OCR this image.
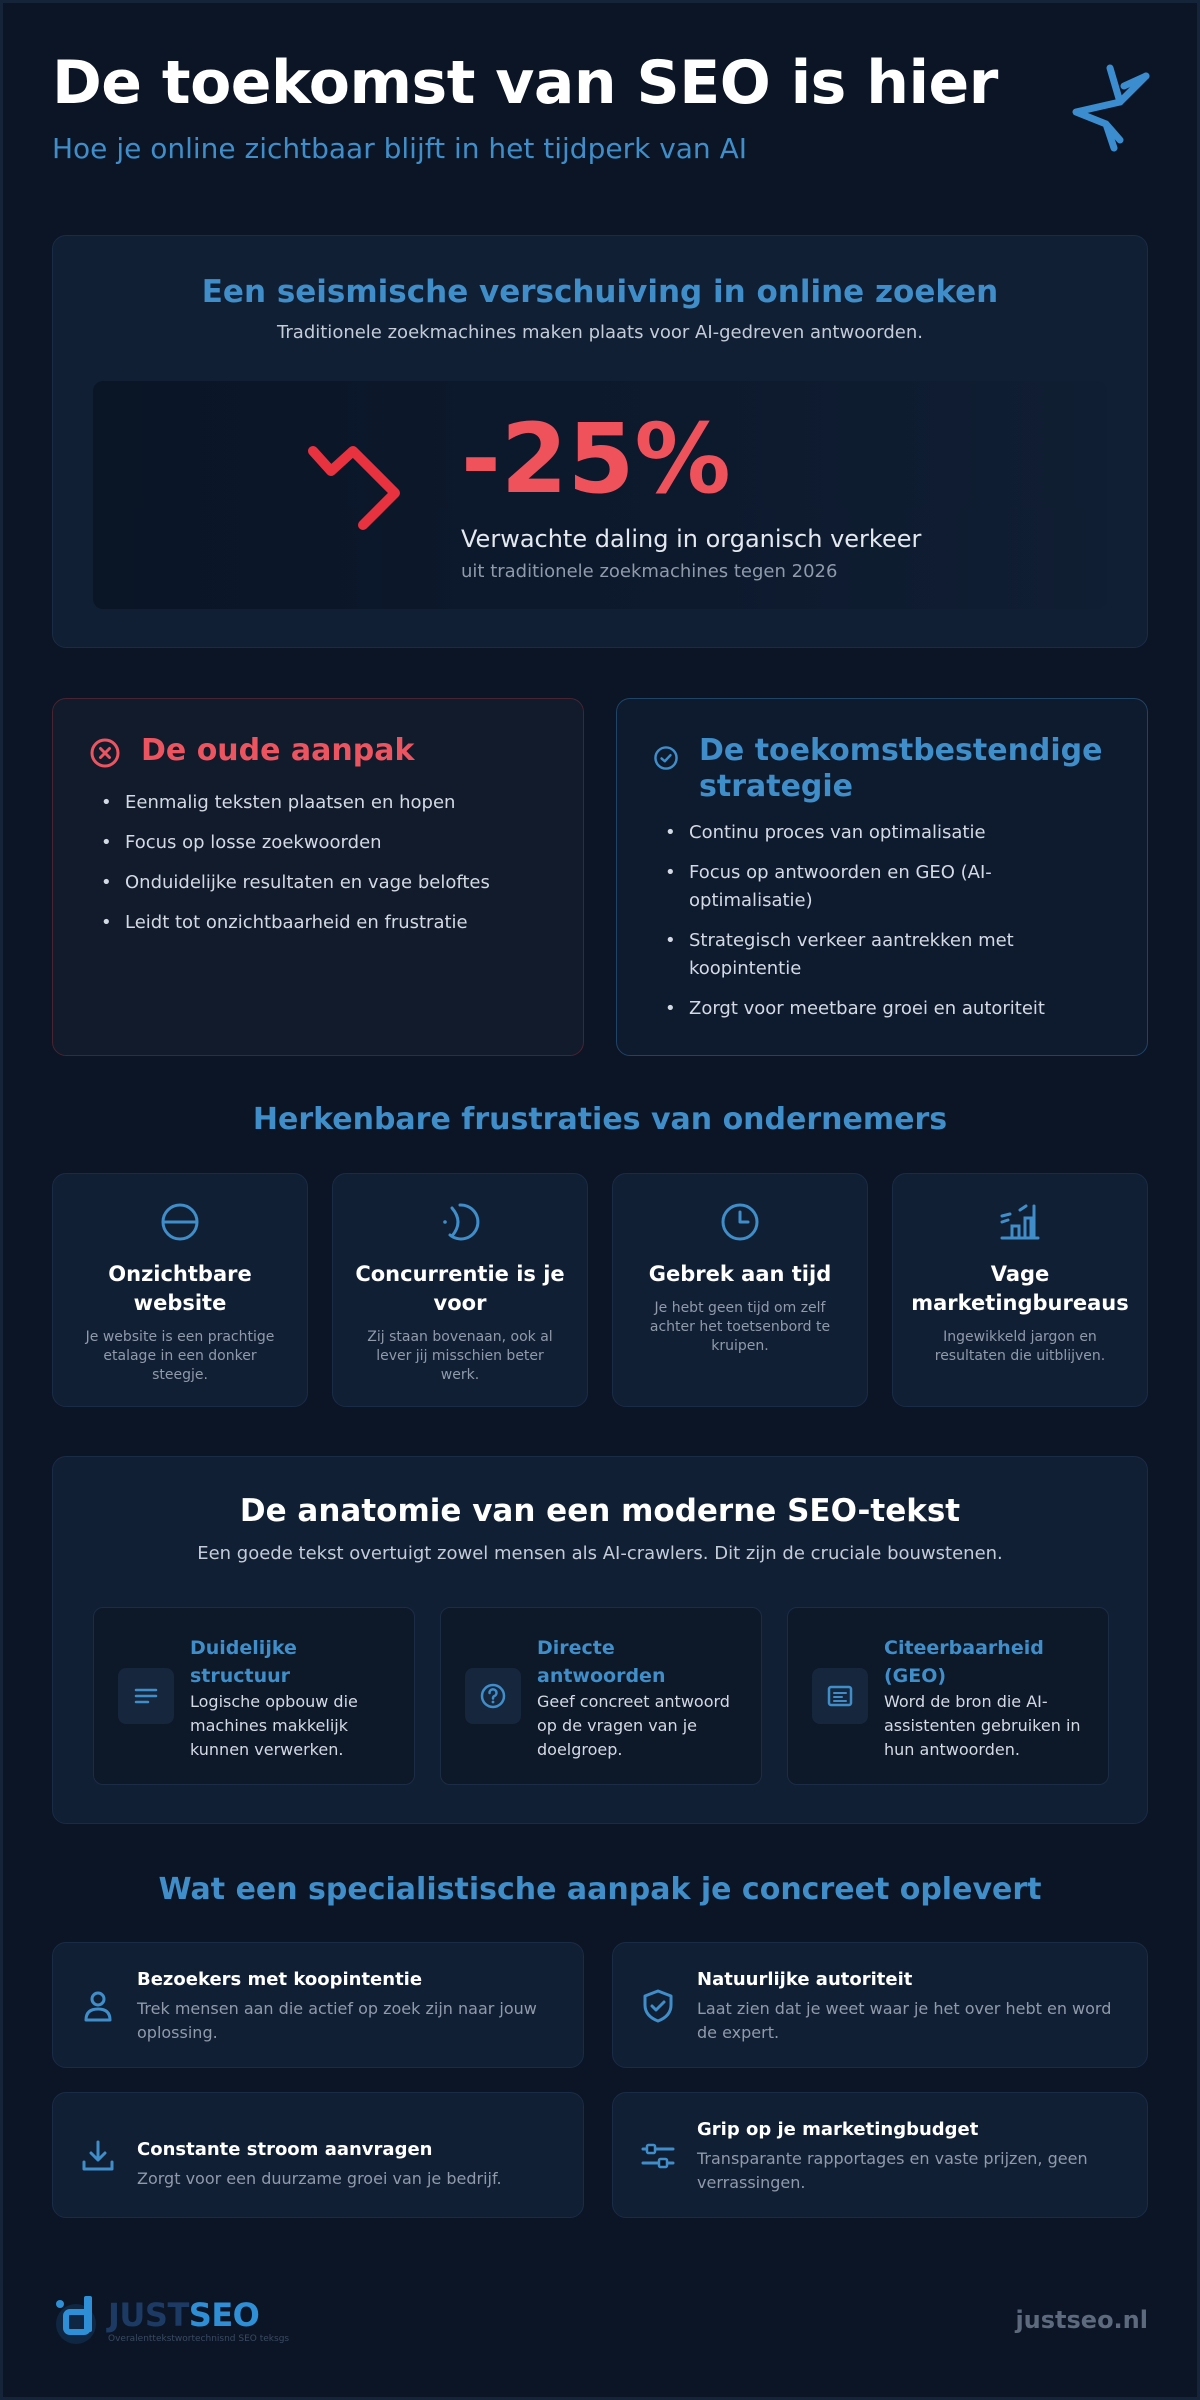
De toekomst van SEO is hier
Hoe je online zichtbaar blijft in het tijdperk van AI
Een seismische verschuiving in online zoeken

Traditionele zoekmachines maken plaats voor AI-gedreven antwoorden.

-25%
Verwachte daling in organisch verkeer
uit traditionele zoekmachines tegen 2026
De oude aanpak
• Eenmalig teksten plaatsen en hopen
• Focus op losse zoekwoorden
• Onduidelijke resultaten en vage beloftes
• Leidt tot onzichtbaarheid en frustratie
De toekomstbestendige strategie
• Continu proces van optimalisatie
• Focus op antwoorden en GEO (AI-optimalisatie)
• Strategisch verkeer aantrekken met koopintentie
• Zorgt voor meetbare groei en autoriteit
Herkenbare frustraties van ondernemers
Onzichtbare website

Je website is een prachtige etalage in een donker steegje.

Concurrentie is je voor

Zij staan bovenaan, ook al lever jij misschien beter werk.

Gebrek aan tijd

Je hebt geen tijd om zelf achter het toetsenbord te kruipen.

Vage marketingbureaus

Ingewikkeld jargon en resultaten die uitblijven.

De anatomie van een moderne SEO-tekst

Een goede tekst overtuigt zowel mensen als AI-crawlers. Dit zijn de cruciale bouwstenen.

Duidelijke structuur

Logische opbouw die machines makkelijk kunnen verwerken.

Directe antwoorden

Geef concreet antwoord op de vragen van je doelgroep.

Citeerbaarheid (GEO)

Word de bron die AI-assistenten gebruiken in hun antwoorden.

Wat een specialistische aanpak je concreet oplevert
Bezoekers met koopintentie

Trek mensen aan die actief op zoek zijn naar jouw oplossing.

Natuurlijke autoriteit

Laat zien dat je weet waar je het over hebt en word de expert.

Constante stroom aanvragen

Zorgt voor een duurzame groei van je bedrijf.

Grip op je marketingbudget

Transparante rapportages en vaste prijzen, geen verrassingen.

JUSTSEO
Overalenttekstwortechnisnd SEO teksgs
justseo.nl
